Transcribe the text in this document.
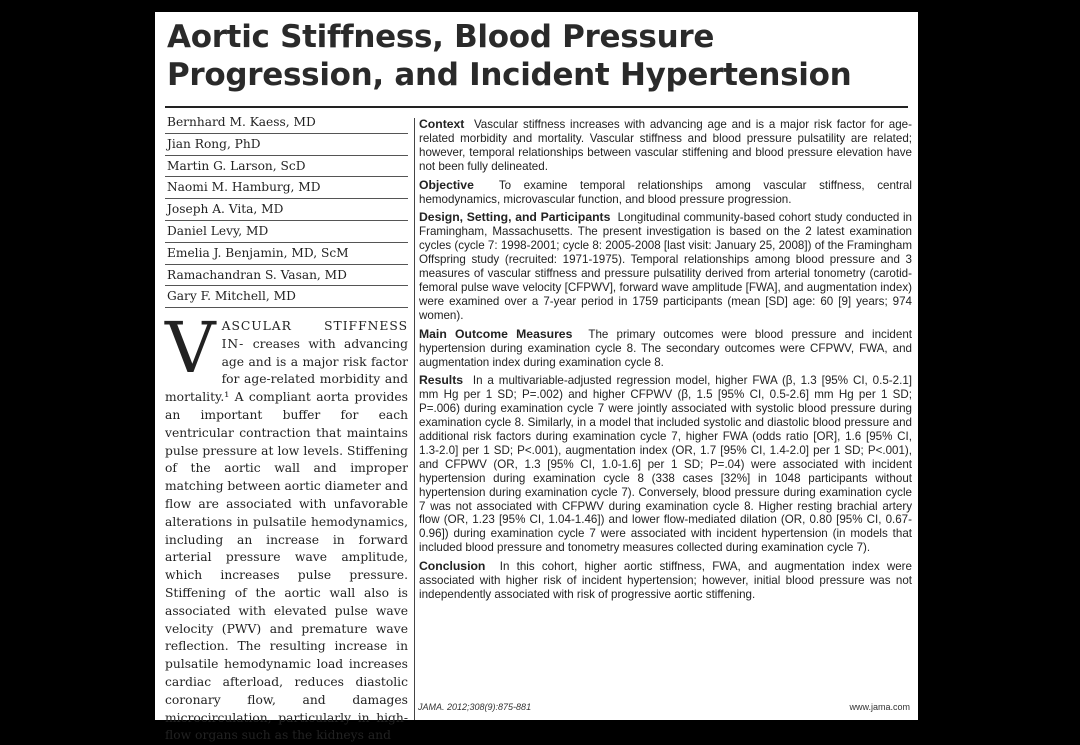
Aortic Stiffness, Blood Pressure Progression, and Incident Hypertension
Bernhard M. Kaess, MD
Jian Rong, PhD
Martin G. Larson, ScD
Naomi M. Hamburg, MD
Joseph A. Vita, MD
Daniel Levy, MD
Emelia J. Benjamin, MD, ScM
Ramachandran S. Vasan, MD
Gary F. Mitchell, MD

VASCULAR STIFFNESS IN- creases with advancing age and is a major risk factor for age-related morbidity and mortality.¹ A compliant aorta provides an important buffer for each ventricular contraction that maintains pulse pressure at low levels. Stiffening of the aortic wall and improper matching between aortic diameter and flow are associated with unfavorable alterations in pulsatile hemodynamics, including an increase in forward arterial pressure wave amplitude, which increases pulse pressure. Stiffening of the aortic wall also is associated with elevated pulse wave velocity (PWV) and premature wave reflection. The resulting increase in pulsatile hemodynamic load increases cardiac afterload, reduces diastolic coronary flow, and damages microcirculation, particularly in high-flow organs such as the kidneys and

Context Vascular stiffness increases with advancing age and is a major risk factor for age-related morbidity and mortality. Vascular stiffness and blood pressure pulsatility are related; however, temporal relationships between vascular stiffening and blood pressure elevation have not been fully delineated.

Objective To examine temporal relationships among vascular stiffness, central hemodynamics, microvascular function, and blood pressure progression.

Design, Setting, and Participants Longitudinal community-based cohort study conducted in Framingham, Massachusetts. The present investigation is based on the 2 latest examination cycles (cycle 7: 1998-2001; cycle 8: 2005-2008 [last visit: January 25, 2008]) of the Framingham Offspring study (recruited: 1971-1975). Temporal relationships among blood pressure and 3 measures of vascular stiffness and pressure pulsatility derived from arterial tonometry (carotid-femoral pulse wave velocity [CFPWV], forward wave amplitude [FWA], and augmentation index) were examined over a 7-year period in 1759 participants (mean [SD] age: 60 [9] years; 974 women).

Main Outcome Measures The primary outcomes were blood pressure and incident hypertension during examination cycle 8. The secondary outcomes were CFPWV, FWA, and augmentation index during examination cycle 8.

Results In a multivariable-adjusted regression model, higher FWA (β, 1.3 [95% CI, 0.5-2.1] mm Hg per 1 SD; P=.002) and higher CFPWV (β, 1.5 [95% CI, 0.5-2.6] mm Hg per 1 SD; P=.006) during examination cycle 7 were jointly associated with systolic blood pressure during examination cycle 8. Similarly, in a model that included systolic and diastolic blood pressure and additional risk factors during examination cycle 7, higher FWA (odds ratio [OR], 1.6 [95% CI, 1.3-2.0] per 1 SD; P<.001), augmentation index (OR, 1.7 [95% CI, 1.4-2.0] per 1 SD; P<.001), and CFPWV (OR, 1.3 [95% CI, 1.0-1.6] per 1 SD; P=.04) were associated with incident hypertension during examination cycle 8 (338 cases [32%] in 1048 participants without hypertension during examination cycle 7). Conversely, blood pressure during examination cycle 7 was not associated with CFPWV during examination cycle 8. Higher resting brachial artery flow (OR, 1.23 [95% CI, 1.04-1.46]) and lower flow-mediated dilation (OR, 0.80 [95% CI, 0.67-0.96]) during examination cycle 7 were associated with incident hypertension (in models that included blood pressure and tonometry measures collected during examination cycle 7).

Conclusion In this cohort, higher aortic stiffness, FWA, and augmentation index were associated with higher risk of incident hypertension; however, initial blood pressure was not independently associated with risk of progressive aortic stiffening.

JAMA. 2012;308(9):875-881	www.jama.com
